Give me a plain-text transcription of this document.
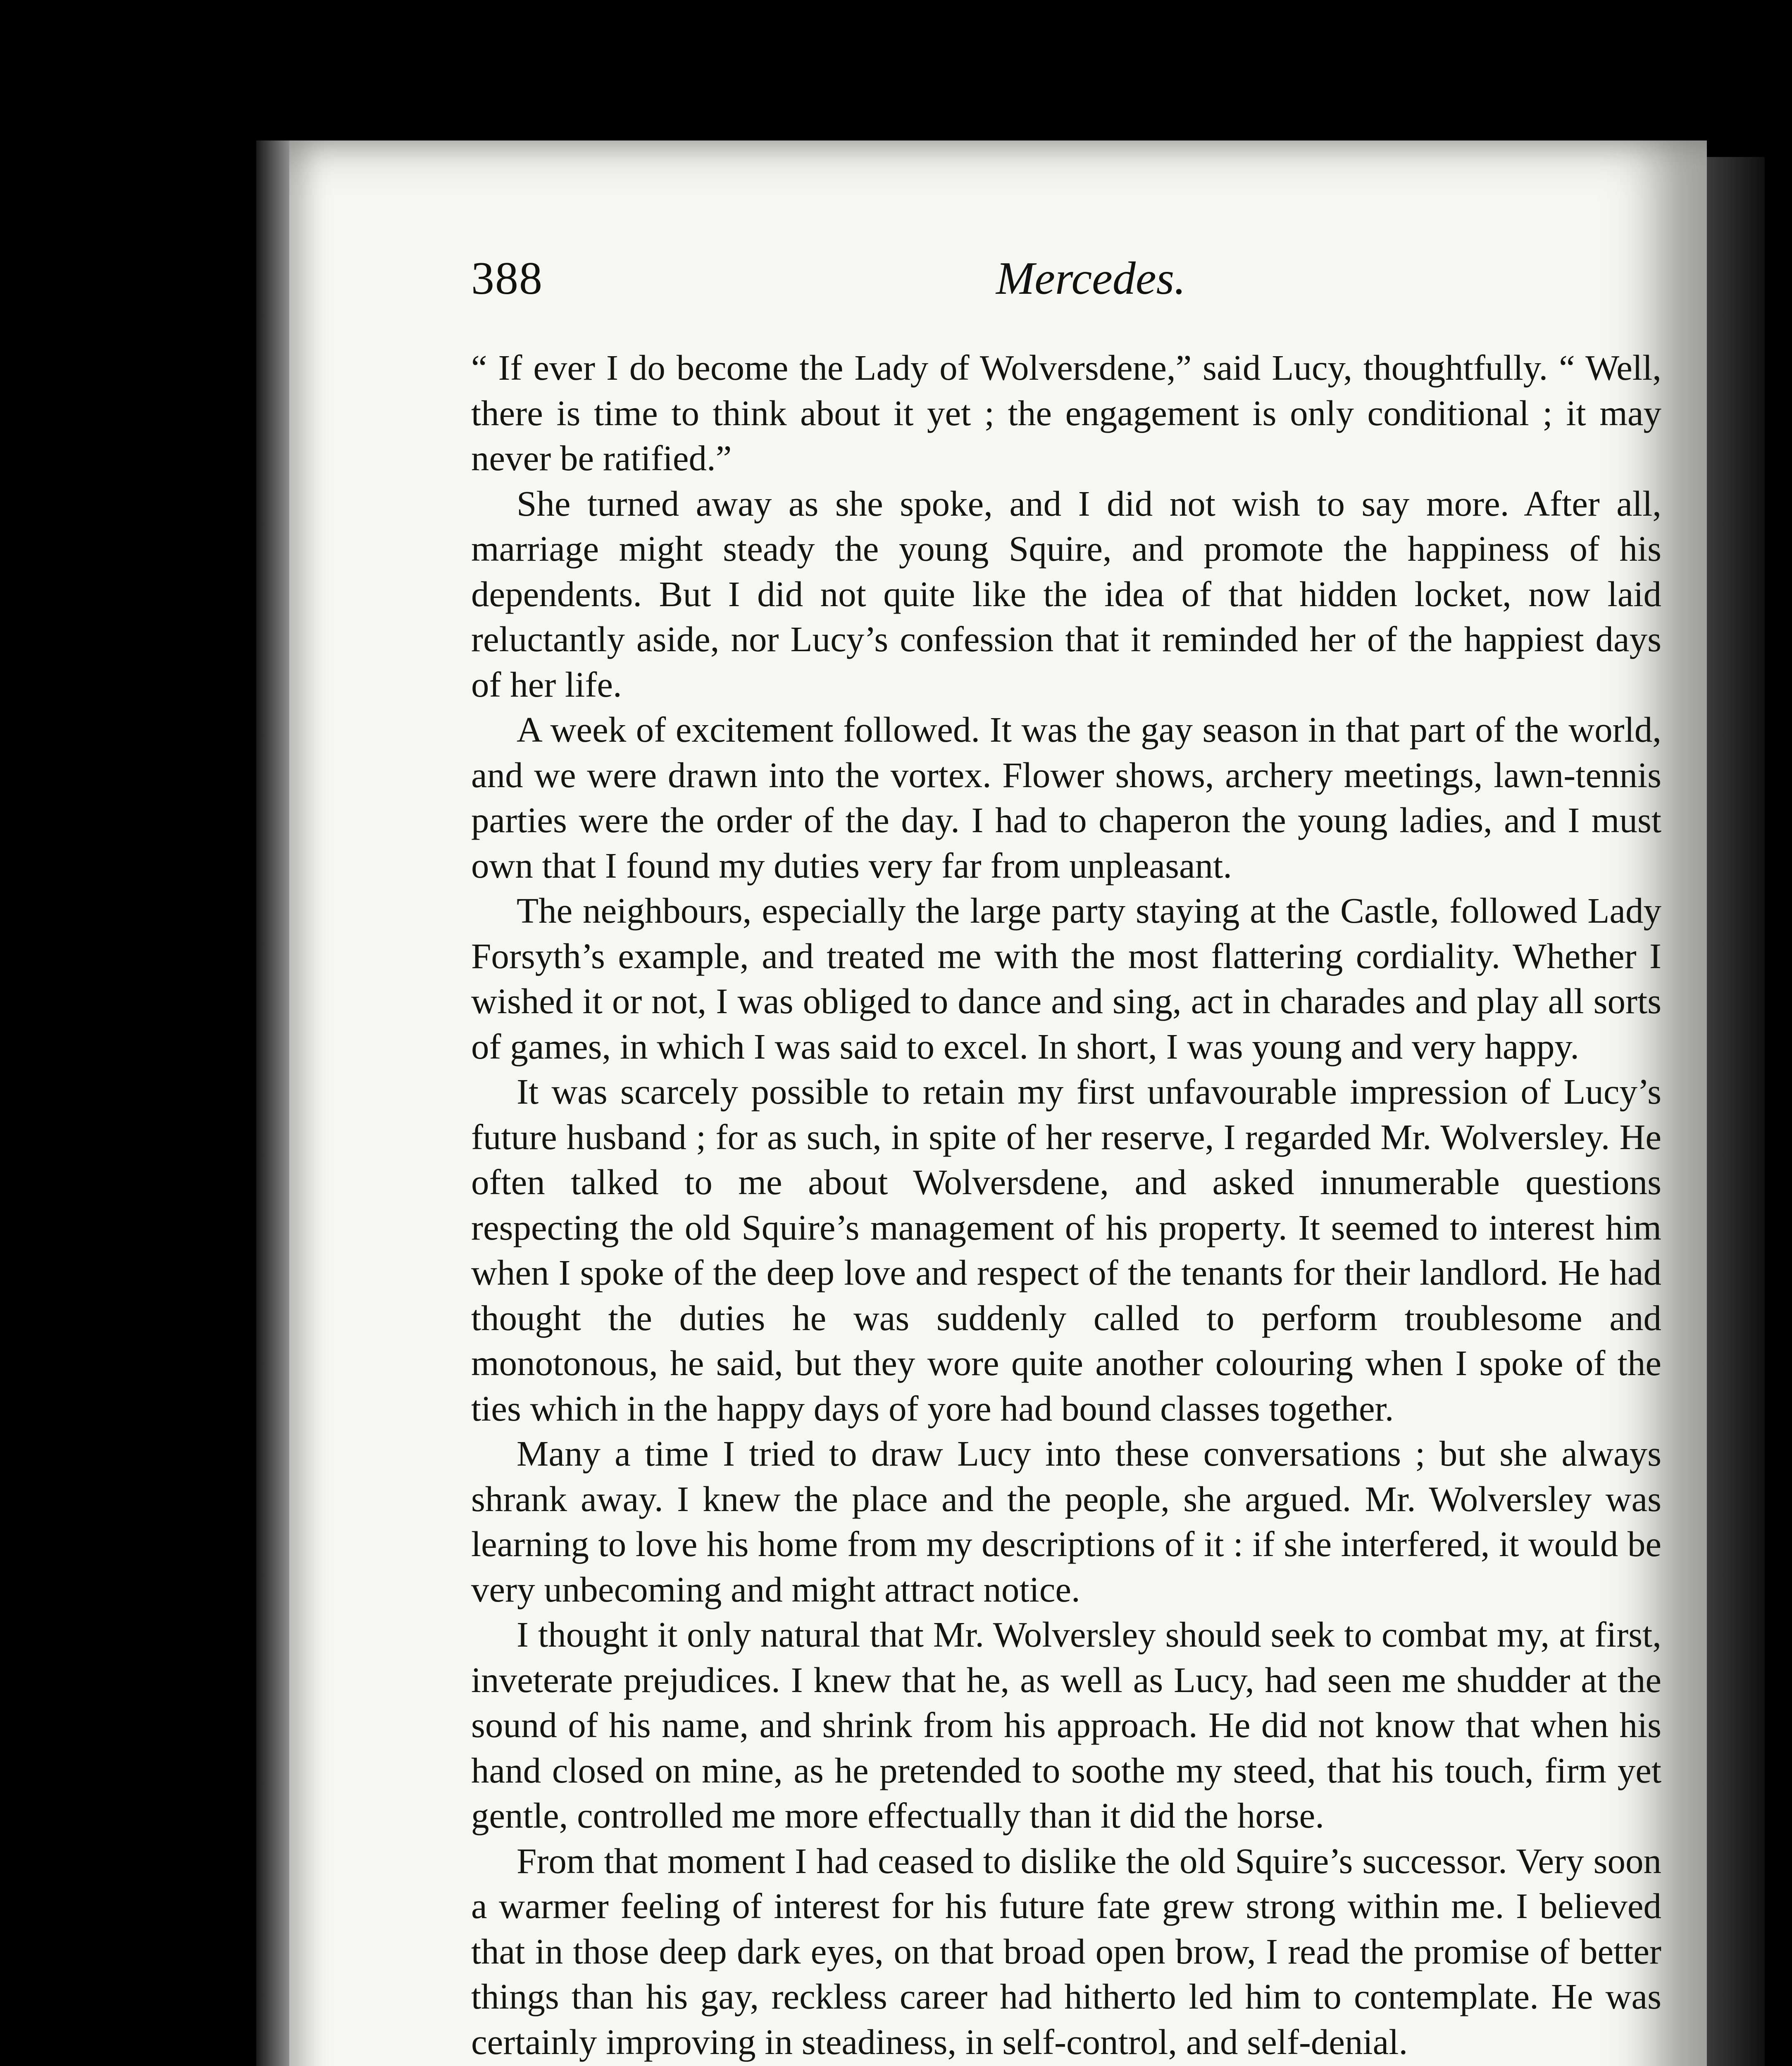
388	Mercedes.

“ If ever I do become the Lady of Wolversdene,” said Lucy, thoughtfully. “ Well, there is time to think about it yet ; the engagement is only conditional ; it may never be ratified.”

She turned away as she spoke, and I did not wish to say more. After all, marriage might steady the young Squire, and promote the happiness of his dependents. But I did not quite like the idea of that hidden locket, now laid reluctantly aside, nor Lucy’s confession that it reminded her of the happiest days of her life.

A week of excitement followed. It was the gay season in that part of the world, and we were drawn into the vortex. Flower shows, archery meetings, lawn-tennis parties were the order of the day. I had to chaperon the young ladies, and I must own that I found my duties very far from unpleasant.

The neighbours, especially the large party staying at the Castle, followed Lady Forsyth’s example, and treated me with the most flattering cordiality. Whether I wished it or not, I was obliged to dance and sing, act in charades and play all sorts of games, in which I was said to excel. In short, I was young and very happy.

It was scarcely possible to retain my first unfavourable impression of Lucy’s future husband ; for as such, in spite of her reserve, I regarded Mr. Wolversley. He often talked to me about Wolversdene, and asked innumerable questions respecting the old Squire’s management of his property. It seemed to interest him when I spoke of the deep love and respect of the tenants for their landlord. He had thought the duties he was suddenly called to perform troublesome and monotonous, he said, but they wore quite another colouring when I spoke of the ties which in the happy days of yore had bound classes together.

Many a time I tried to draw Lucy into these conversations ; but she always shrank away. I knew the place and the people, she argued. Mr. Wolversley was learning to love his home from my descriptions of it : if she interfered, it would be very unbecoming and might attract notice.

I thought it only natural that Mr. Wolversley should seek to combat my, at first, inveterate prejudices. I knew that he, as well as Lucy, had seen me shudder at the sound of his name, and shrink from his approach. He did not know that when his hand closed on mine, as he pretended to soothe my steed, that his touch, firm yet gentle, controlled me more effectually than it did the horse.

From that moment I had ceased to dislike the old Squire’s successor. Very soon a warmer feeling of interest for his future fate grew strong within me. I believed that in those deep dark eyes, on that broad open brow, I read the promise of better things than his gay, reckless career had hitherto led him to contemplate. He was certainly improving in steadiness, in self-control, and self-denial.
